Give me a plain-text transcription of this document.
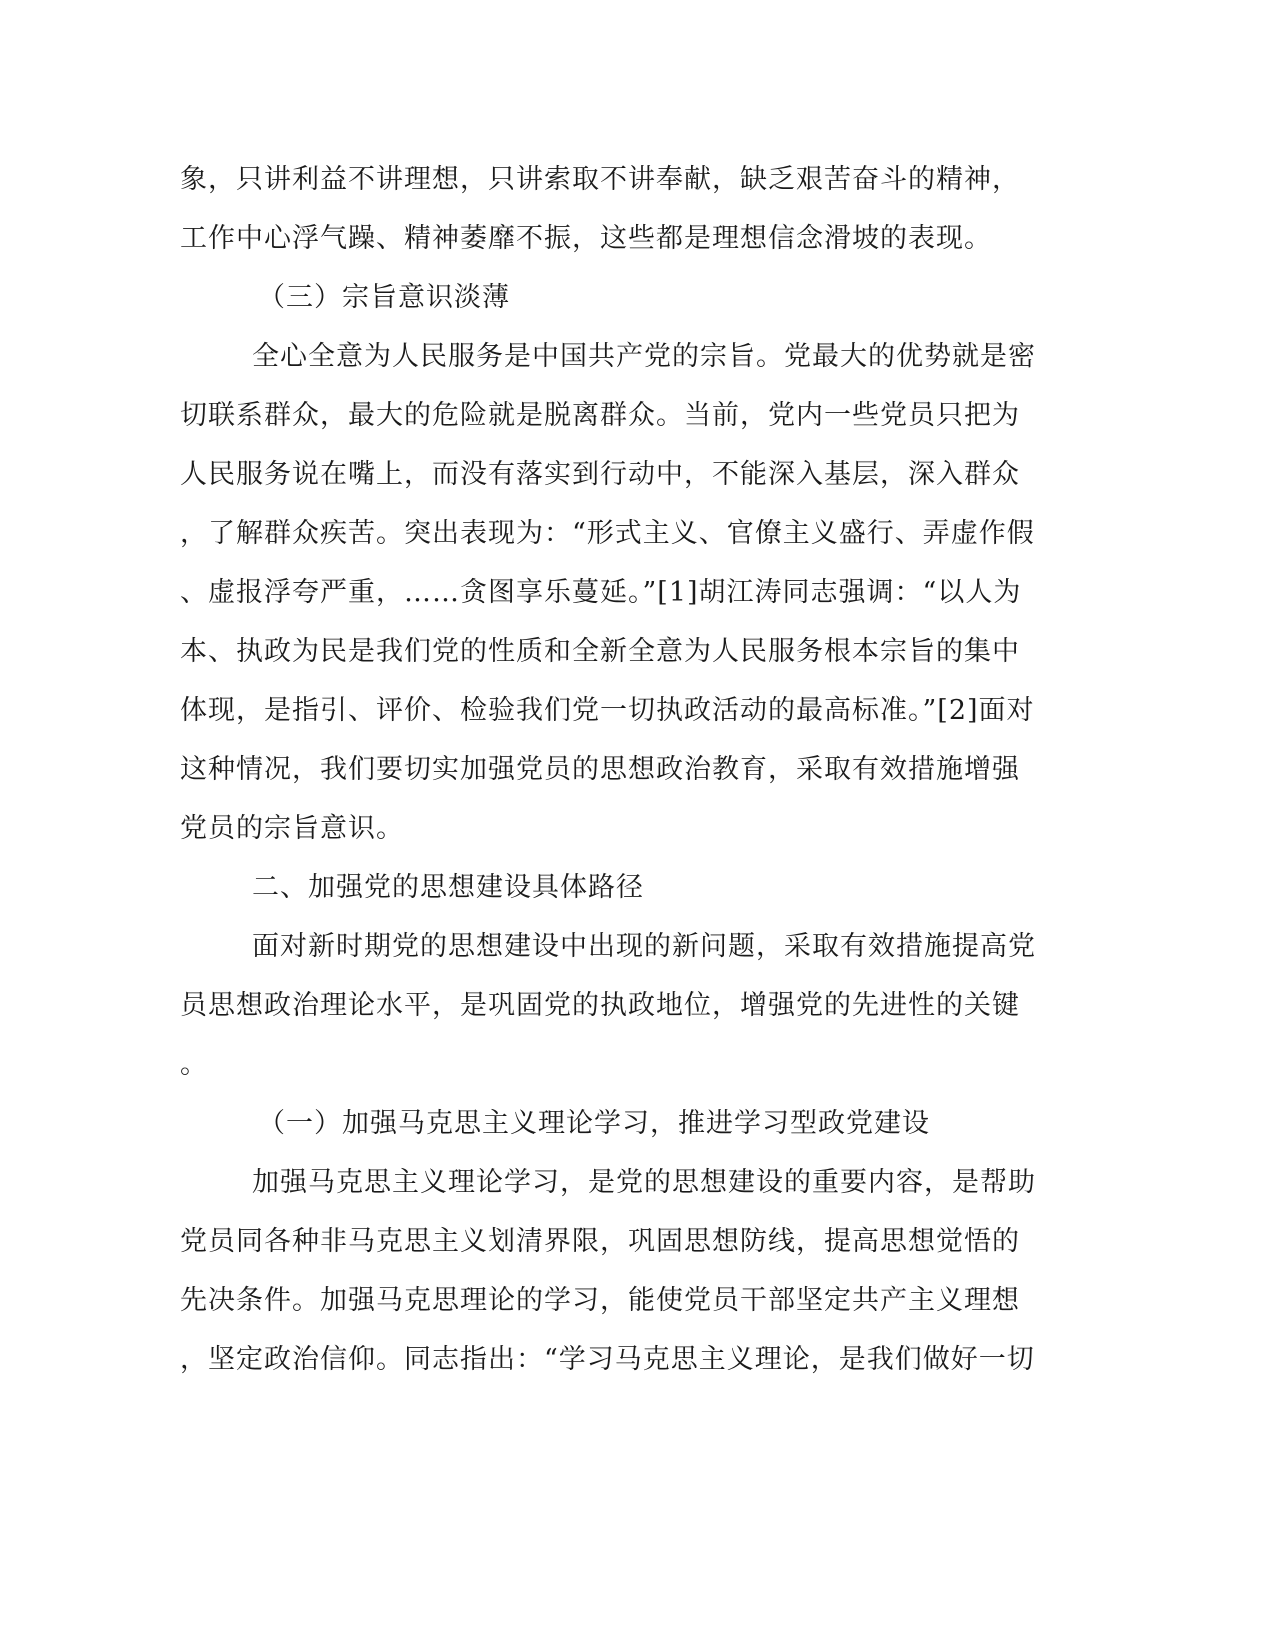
象，只讲利益不讲理想，只讲索取不讲奉献，缺乏艰苦奋斗的精神，

工作中心浮气躁、精神萎靡不振，这些都是理想信念滑坡的表现。

（三）宗旨意识淡薄

全心全意为人民服务是中国共产党的宗旨。党最大的优势就是密

切联系群众，最大的危险就是脱离群众。当前，党内一些党员只把为

人民服务说在嘴上，而没有落实到行动中，不能深入基层，深入群众

，了解群众疾苦。突出表现为：“形式主义、官僚主义盛行、弄虚作假

、虚报浮夸严重，……贪图享乐蔓延。”[1]胡江涛同志强调：“以人为

本、执政为民是我们党的性质和全新全意为人民服务根本宗旨的集中

体现，是指引、评价、检验我们党一切执政活动的最高标准。”[2]面对

这种情况，我们要切实加强党员的思想政治教育，采取有效措施增强

党员的宗旨意识。

二、加强党的思想建设具体路径

面对新时期党的思想建设中出现的新问题，采取有效措施提高党

员思想政治理论水平，是巩固党的执政地位，增强党的先进性的关键

。

（一）加强马克思主义理论学习，推进学习型政党建设

加强马克思主义理论学习，是党的思想建设的重要内容，是帮助

党员同各种非马克思主义划清界限，巩固思想防线，提高思想觉悟的

先决条件。加强马克思理论的学习，能使党员干部坚定共产主义理想

，坚定政治信仰。同志指出：“学习马克思主义理论，是我们做好一切
